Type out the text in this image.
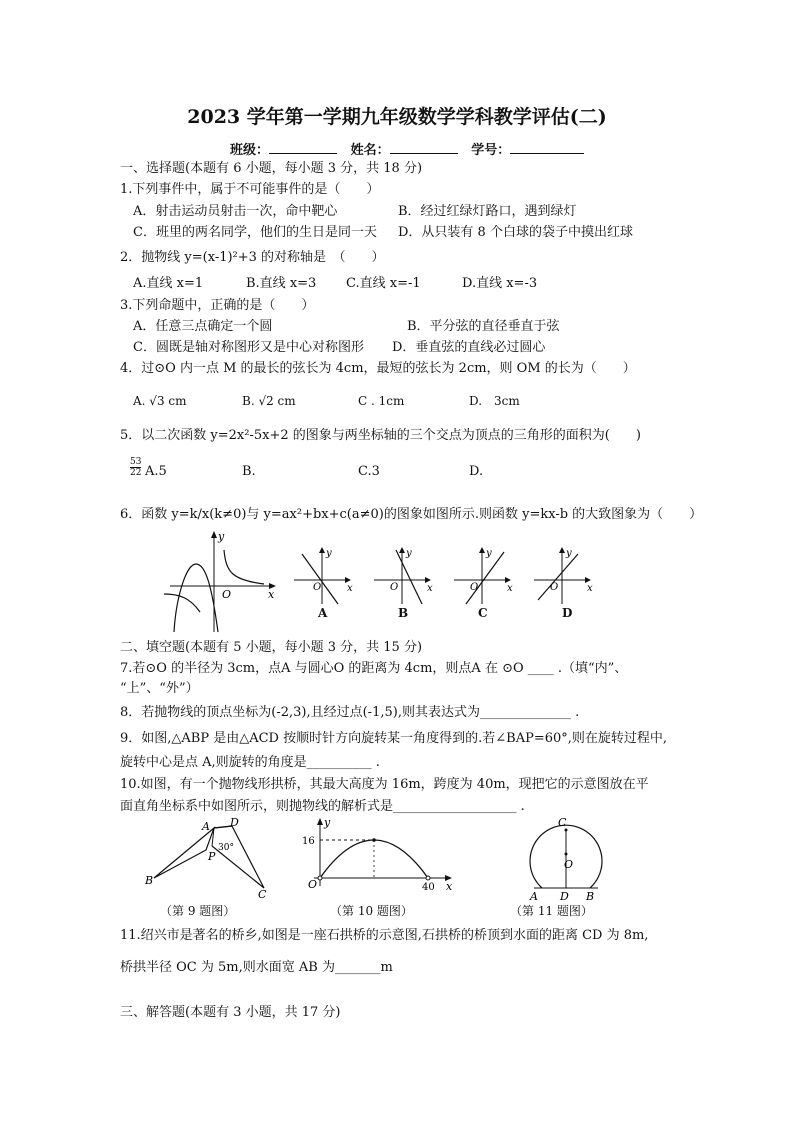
2023 学年第一学期九年级数学学科教学评估(二)
班级：	姓名：	学号：
一、选择题(本题有 6 小题，每小题 3 分，共 18 分)
1.下列事件中，属于不可能事件的是（　　）
A．射击运动员射击一次，命中靶心	B．经过红绿灯路口，遇到绿灯
C．班里的两名同学，他们的生日是同一天 D．从只装有 8 个白球的袋子中摸出红球
2．抛物线 y=(x-1)²+3 的对称轴是　（　　）
A.直线 x=1	B.直线 x=3 C.直线 x=-1	D.直线 x=-3
3.下列命题中，正确的是（　　）
A．任意三点确定一个圆	B．平分弦的直径垂直于弦
C．圆既是轴对称图形又是中心对称图形 D．垂直弦的直线必过圆心
4．过⊙O 内一点 M 的最长的弦长为 4cm，最短的弦长为 2cm，则 OM 的长为（　　）
A. √3 cm	B. √2 cm	C . 1cm	D.　3cm
5．以二次函数 y=2x²-5x+2 的图象与两坐标轴的三个交点为顶点的三角形的面积为(　　)
$\frac{53}{22} A.5$	B.	C.3	D.
6．函数 y=k/x(k≠0)与 y=ax²+bx+c(a≠0)的图象如图所示.则函数 y=kx-b 的大致图象为（　　）
y
x
O
y
x
O
y
x
O
y
x
O
y
x
O
A	B	C	D
二、填空题(本题有 5 小题，每小题 3 分，共 15 分)
7.若⊙O 的半径为 3cm，点A 与圆心O 的距离为 4cm，则点A 在 ⊙O ____ .（填“内”、
“上”、“外”）
8．若抛物线的顶点坐标为(-2,3),且经过点(-1,5),则其表达式为______________ .
9．如图,△ABP 是由△ACD 按顺时针方向旋转某一角度得到的.若∠BAP=60°,则在旋转过程中,
旋转中心是点 A,则旋转的角度是__________ .
10.如图，有一个抛物线形拱桥，其最大高度为 16m，跨度为 40m，现把它的示意图放在平
面直角坐标系中如图所示，则抛物线的解析式是___________________ .
A D
P
B
C
30°
y
16
O	40 x
C
O
A D B
（第 9 题图）	（第 10 题图）	（第 11 题图）
11.绍兴市是著名的桥乡,如图是一座石拱桥的示意图,石拱桥的桥顶到水面的距离 CD 为 8m,
桥拱半径 OC 为 5m,则水面宽 AB 为_______m
三、解答题(本题有 3 小题，共 17 分)
